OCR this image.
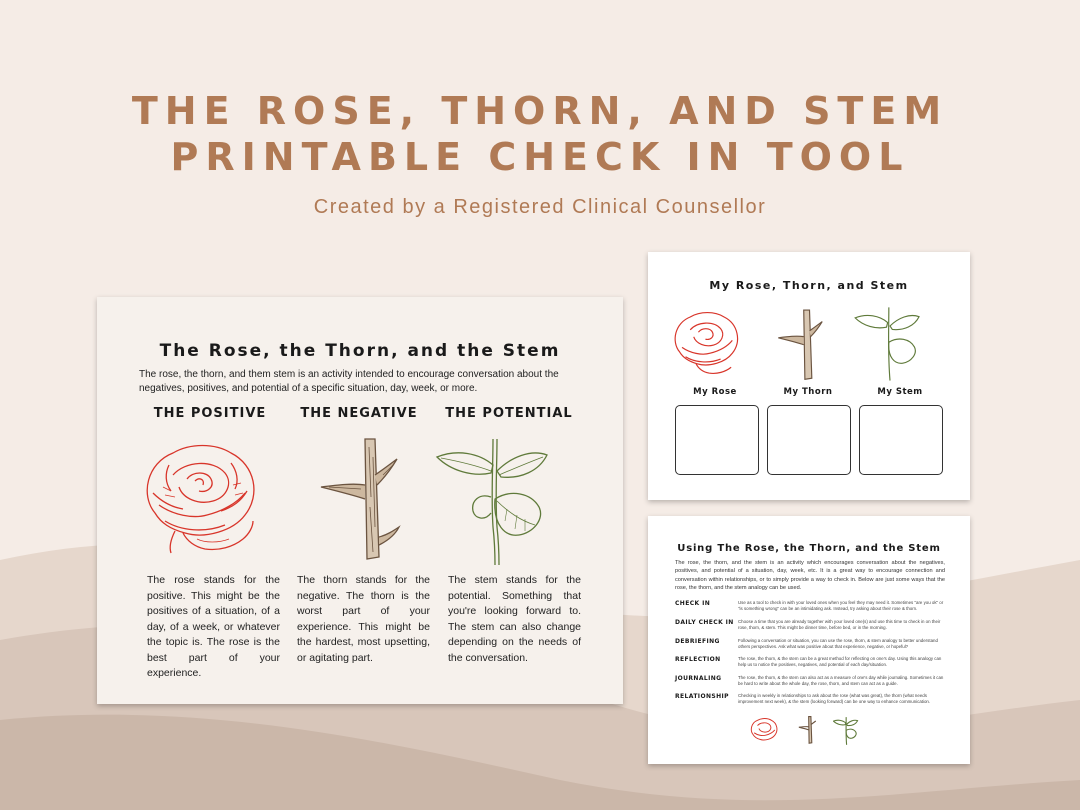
THE ROSE, THORN, AND STEM
PRINTABLE CHECK IN TOOL
Created by a Registered Clinical Counsellor
The Rose, the Thorn, and the Stem
The rose, the thorn, and them stem is an activity intended to encourage conversation about the negatives, positives, and potential of a specific situation, day, week, or more.
THE POSITIVE	THE NEGATIVE	THE POTENTIAL
The rose stands for the positive. This might be the positives of a situation, of a day, of a week, or whatever the topic is. The rose is the best part of your experience.
The thorn stands for the negative. The thorn is the worst part of your experience. This might be the hardest, most upsetting, or agitating part.
The stem stands for the potential. Something that you're looking forward to. The stem can also change depending on the needs of the conversation.
My Rose, Thorn, and Stem
My Rose	My Thorn	My Stem
Using The Rose, the Thorn, and the Stem
The rose, the thorn, and the stem is an activity which encourages conversation about the negatives, positives, and potential of a situation, day, week, etc. It is a great way to encourage connection and conversation within relationships, or to simply provide a way to check in. Below are just some ways that the rose, the thorn, and the stem analogy can be used.
CHECK IN	Use as a tool to check in with your loved ones when you feel they may need it. Sometimes "are you ok" or "is something wrong" can be an intimidating ask. Instead, try asking about their rose & thorn.
DAILY CHECK IN Choose a time that you are already together with your loved one(s) and use this time to check in on their rose, thorn, & stem. This might be dinner time, before bed, or in the morning.
DEBRIEFING	Following a conversation or situation, you can use the rose, thorn, & stem analogy to better understand others perspectives. Ask what was positive about that experience, negative, or hopeful?
REFLECTION	The rose, the thorn, & the stem can be a great method for reflecting on one's day. Using this analogy can help us to notice the positives, negatives, and potential of each day/situation.
JOURNALING	The rose, the thorn, & the stem can also act as a measure of one's day while journaling. Sometimes it can be hard to write about the whole day, the rose, thorn, and stem can act as a guide.
RELATIONSHIP	Checking in weekly in relationships to ask about the rose (what was great), the thorn (what needs improvement next week), & the stem (looking forward) can be one way to enhance communication.
